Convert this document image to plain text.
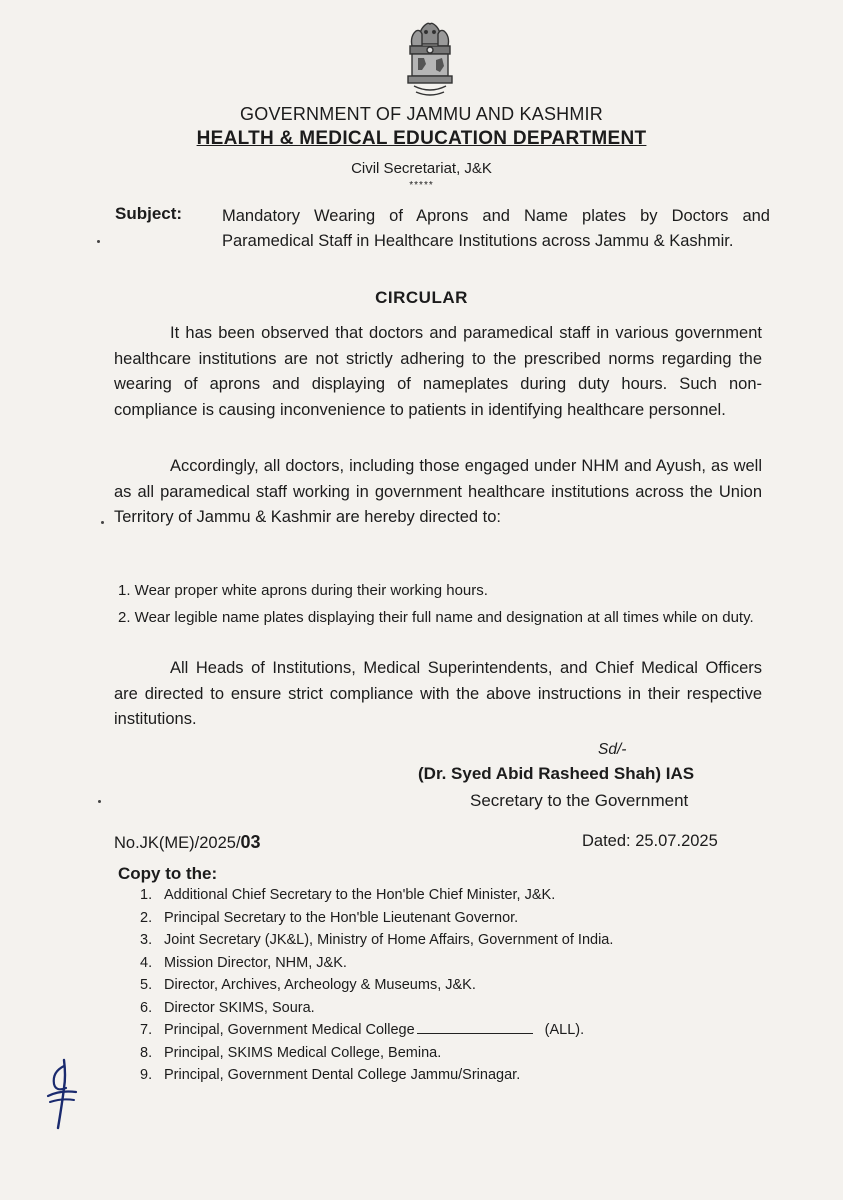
GOVERNMENT OF JAMMU AND KASHMIR
HEALTH & MEDICAL EDUCATION DEPARTMENT
Civil Secretariat, J&K
*****
Subject: Mandatory Wearing of Aprons and Name plates by Doctors and Paramedical Staff in Healthcare Institutions across Jammu & Kashmir.
CIRCULAR
It has been observed that doctors and paramedical staff in various government healthcare institutions are not strictly adhering to the prescribed norms regarding the wearing of aprons and displaying of nameplates during duty hours. Such non-compliance is causing inconvenience to patients in identifying healthcare personnel.
Accordingly, all doctors, including those engaged under NHM and Ayush, as well as all paramedical staff working in government healthcare institutions across the Union Territory of Jammu & Kashmir are hereby directed to:
1. Wear proper white aprons during their working hours.
2. Wear legible name plates displaying their full name and designation at all times while on duty.
All Heads of Institutions, Medical Superintendents, and Chief Medical Officers are directed to ensure strict compliance with the above instructions in their respective institutions.
Sd/-
(Dr. Syed Abid Rasheed Shah) IAS
Secretary to the Government
No.JK(ME)/2025/03	Dated: 25.07.2025
Copy to the:
1. Additional Chief Secretary to the Hon'ble Chief Minister, J&K.
2. Principal Secretary to the Hon'ble Lieutenant Governor.
3. Joint Secretary (JK&L), Ministry of Home Affairs, Government of India.
4. Mission Director, NHM, J&K.
5. Director, Archives, Archeology & Museums, J&K.
6. Director SKIMS, Soura.
7. Principal, Government Medical College	(ALL).
8. Principal, SKIMS Medical College, Bemina.
9. Principal, Government Dental College Jammu/Srinagar.
